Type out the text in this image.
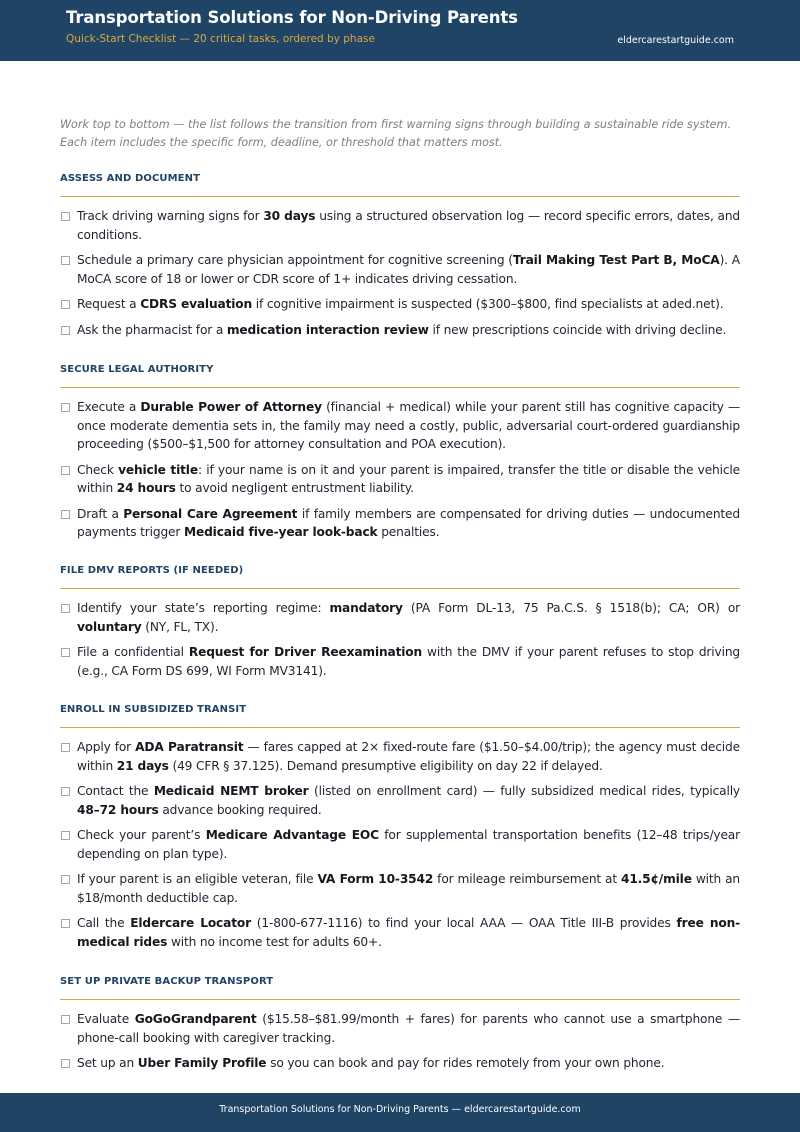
Transportation Solutions for Non-Driving Parents
Quick-Start Checklist — 20 critical tasks, ordered by phase	eldercarestartguide.com
Work top to bottom — the list follows the transition from first warning signs through building a sustainable ride system. Each item includes the specific form, deadline, or threshold that matters most.
ASSESS AND DOCUMENT
Track driving warning signs for 30 days using a structured observation log — record specific errors, dates, and conditions.
Schedule a primary care physician appointment for cognitive screening (Trail Making Test Part B, MoCA). A MoCA score of 18 or lower or CDR score of 1+ indicates driving cessation.
Request a CDRS evaluation if cognitive impairment is suspected ($300–$800, find specialists at aded.net).
Ask the pharmacist for a medication interaction review if new prescriptions coincide with driving decline.
SECURE LEGAL AUTHORITY
Execute a Durable Power of Attorney (financial + medical) while your parent still has cognitive capacity — once moderate dementia sets in, the family may need a costly, public, adversarial court-ordered guardianship proceeding ($500–$1,500 for attorney consultation and POA execution).
Check vehicle title: if your name is on it and your parent is impaired, transfer the title or disable the vehicle within 24 hours to avoid negligent entrustment liability.
Draft a Personal Care Agreement if family members are compensated for driving duties — undocumented payments trigger Medicaid five-year look-back penalties.
FILE DMV REPORTS (IF NEEDED)
Identify your state’s reporting regime: mandatory (PA Form DL-13, 75 Pa.C.S. § 1518(b); CA; OR) or voluntary (NY, FL, TX).
File a confidential Request for Driver Reexamination with the DMV if your parent refuses to stop driving (e.g., CA Form DS 699, WI Form MV3141).
ENROLL IN SUBSIDIZED TRANSIT
Apply for ADA Paratransit — fares capped at 2× fixed-route fare ($1.50–$4.00/trip); the agency must decide within 21 days (49 CFR § 37.125). Demand presumptive eligibility on day 22 if delayed.
Contact the Medicaid NEMT broker (listed on enrollment card) — fully subsidized medical rides, typically 48–72 hours advance booking required.
Check your parent’s Medicare Advantage EOC for supplemental transportation benefits (12–48 trips/year depending on plan type).
If your parent is an eligible veteran, file VA Form 10-3542 for mileage reimbursement at 41.5¢/mile with an $18/month deductible cap.
Call the Eldercare Locator (1-800-677-1116) to find your local AAA — OAA Title III-B provides free non-medical rides with no income test for adults 60+.
SET UP PRIVATE BACKUP TRANSPORT
Evaluate GoGoGrandparent ($15.58–$81.99/month + fares) for parents who cannot use a smartphone — phone-call booking with caregiver tracking.
Set up an Uber Family Profile so you can book and pay for rides remotely from your own phone.
Transportation Solutions for Non-Driving Parents — eldercarestartguide.com
